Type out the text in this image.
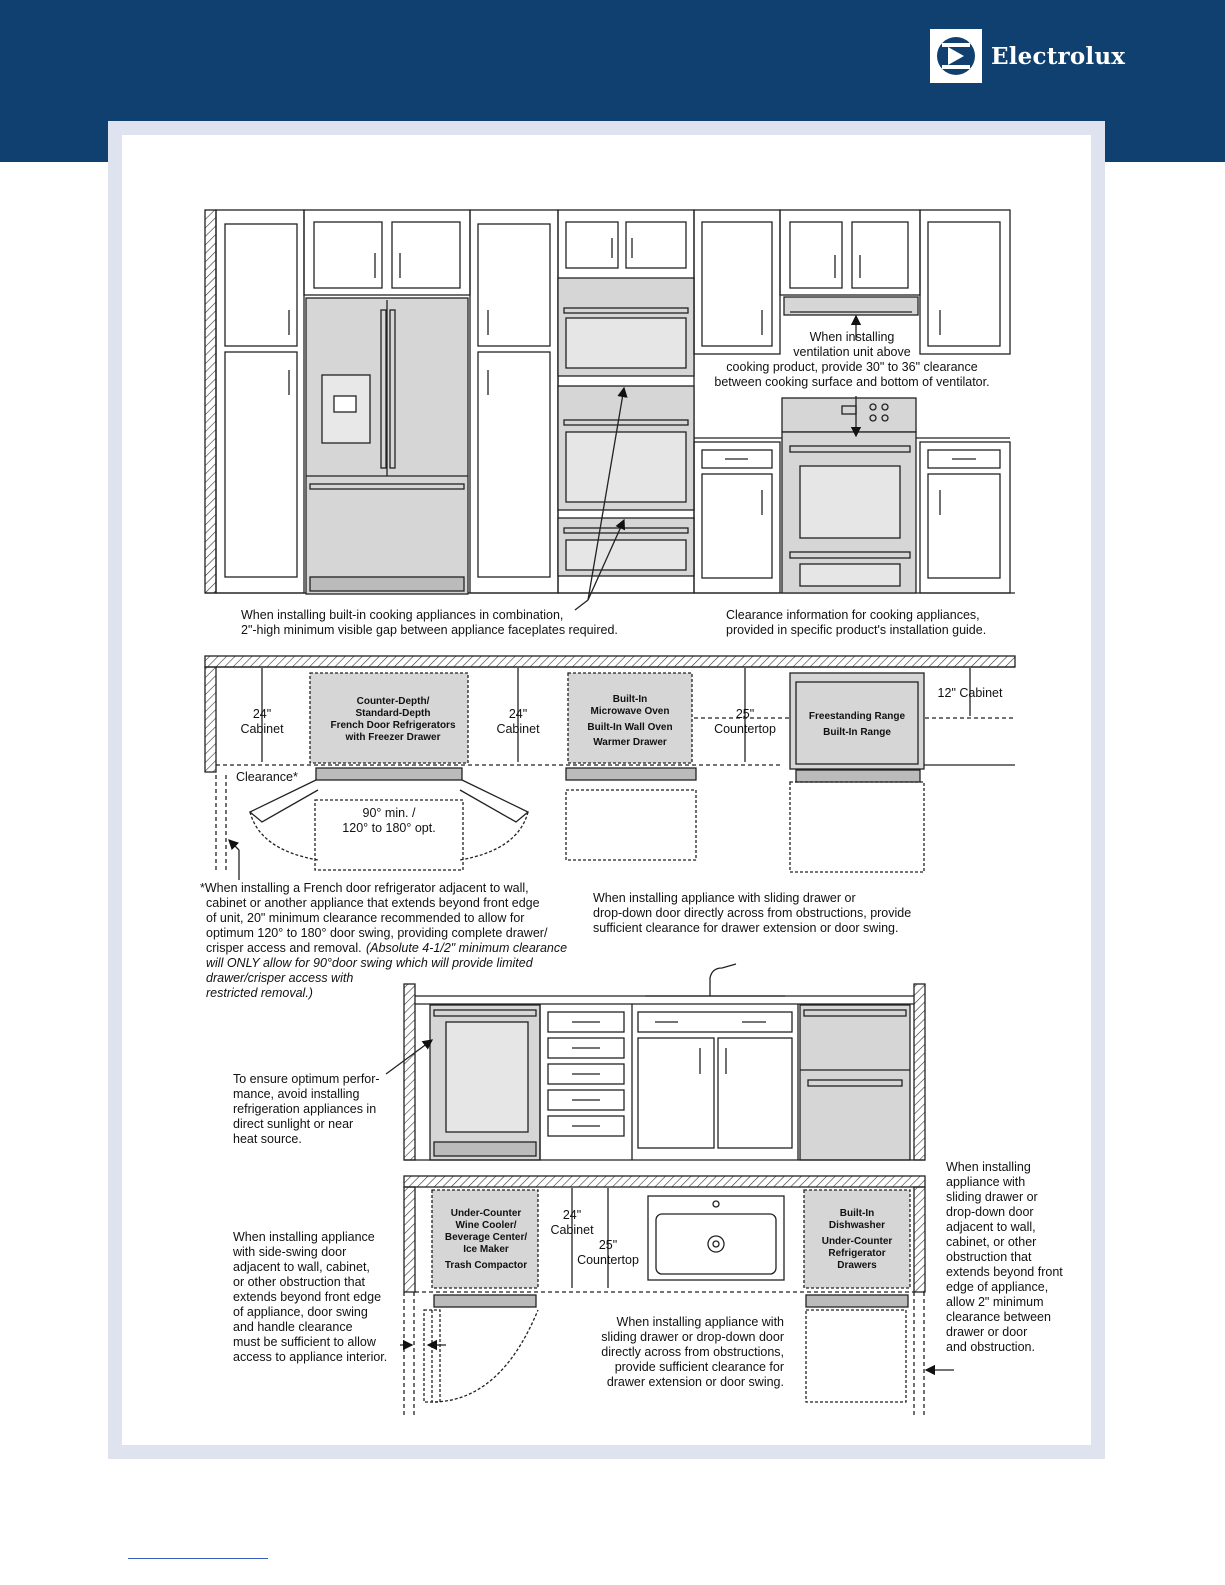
Electrolux
When installing
ventilation unit above
cooking product, provide 30" to 36" clearance
between cooking surface and bottom of ventilator.
When installing built-in cooking appliances in combination,
2"-high minimum visible gap between appliance faceplates required.
Clearance information for cooking appliances,
provided in specific product's installation guide.
24"
Cabinet
Counter-Depth/
Standard-Depth
French Door Refrigerators
with Freezer Drawer
24"
Cabinet
Built-In
Microwave Oven
Built-In Wall Oven
Warmer Drawer
25"
Countertop
Freestanding Range
Built-In Range
12" Cabinet
Clearance*
90° min. /
120° to 180° opt.
*When installing a French door refrigerator adjacent to wall,
cabinet or another appliance that extends beyond front edge
of unit, 20" minimum clearance recommended to allow for
optimum 120° to 180° door swing, providing complete drawer/
crisper access and removal. (Absolute 4-1/2" minimum clearance
will ONLY allow for 90°door swing which will provide limited
drawer/crisper access with
restricted removal.)
When installing appliance with sliding drawer or
drop-down door directly across from obstructions, provide
sufficient clearance for drawer extension or door swing.
To ensure optimum perfor-
mance, avoid installing
refrigeration appliances in
direct sunlight or near
heat source.
Under-Counter
Wine Cooler/
Beverage Center/
Ice Maker
Trash Compactor
24"
Cabinet
25"
Countertop
Built-In
Dishwasher
Under-Counter
Refrigerator
Drawers
When installing appliance
with side-swing door
adjacent to wall, cabinet,
or other obstruction that
extends beyond front edge
of appliance, door swing
and handle clearance
must be sufficient to allow
access to appliance interior.
When installing appliance with
sliding drawer or drop-down door
directly across from obstructions,
provide sufficient clearance for
drawer extension or door swing.
When installing
appliance with
sliding drawer or
drop-down door
adjacent to wall,
cabinet, or other
obstruction that
extends beyond front
edge of appliance,
allow 2" minimum
clearance between
drawer or door
and obstruction.
